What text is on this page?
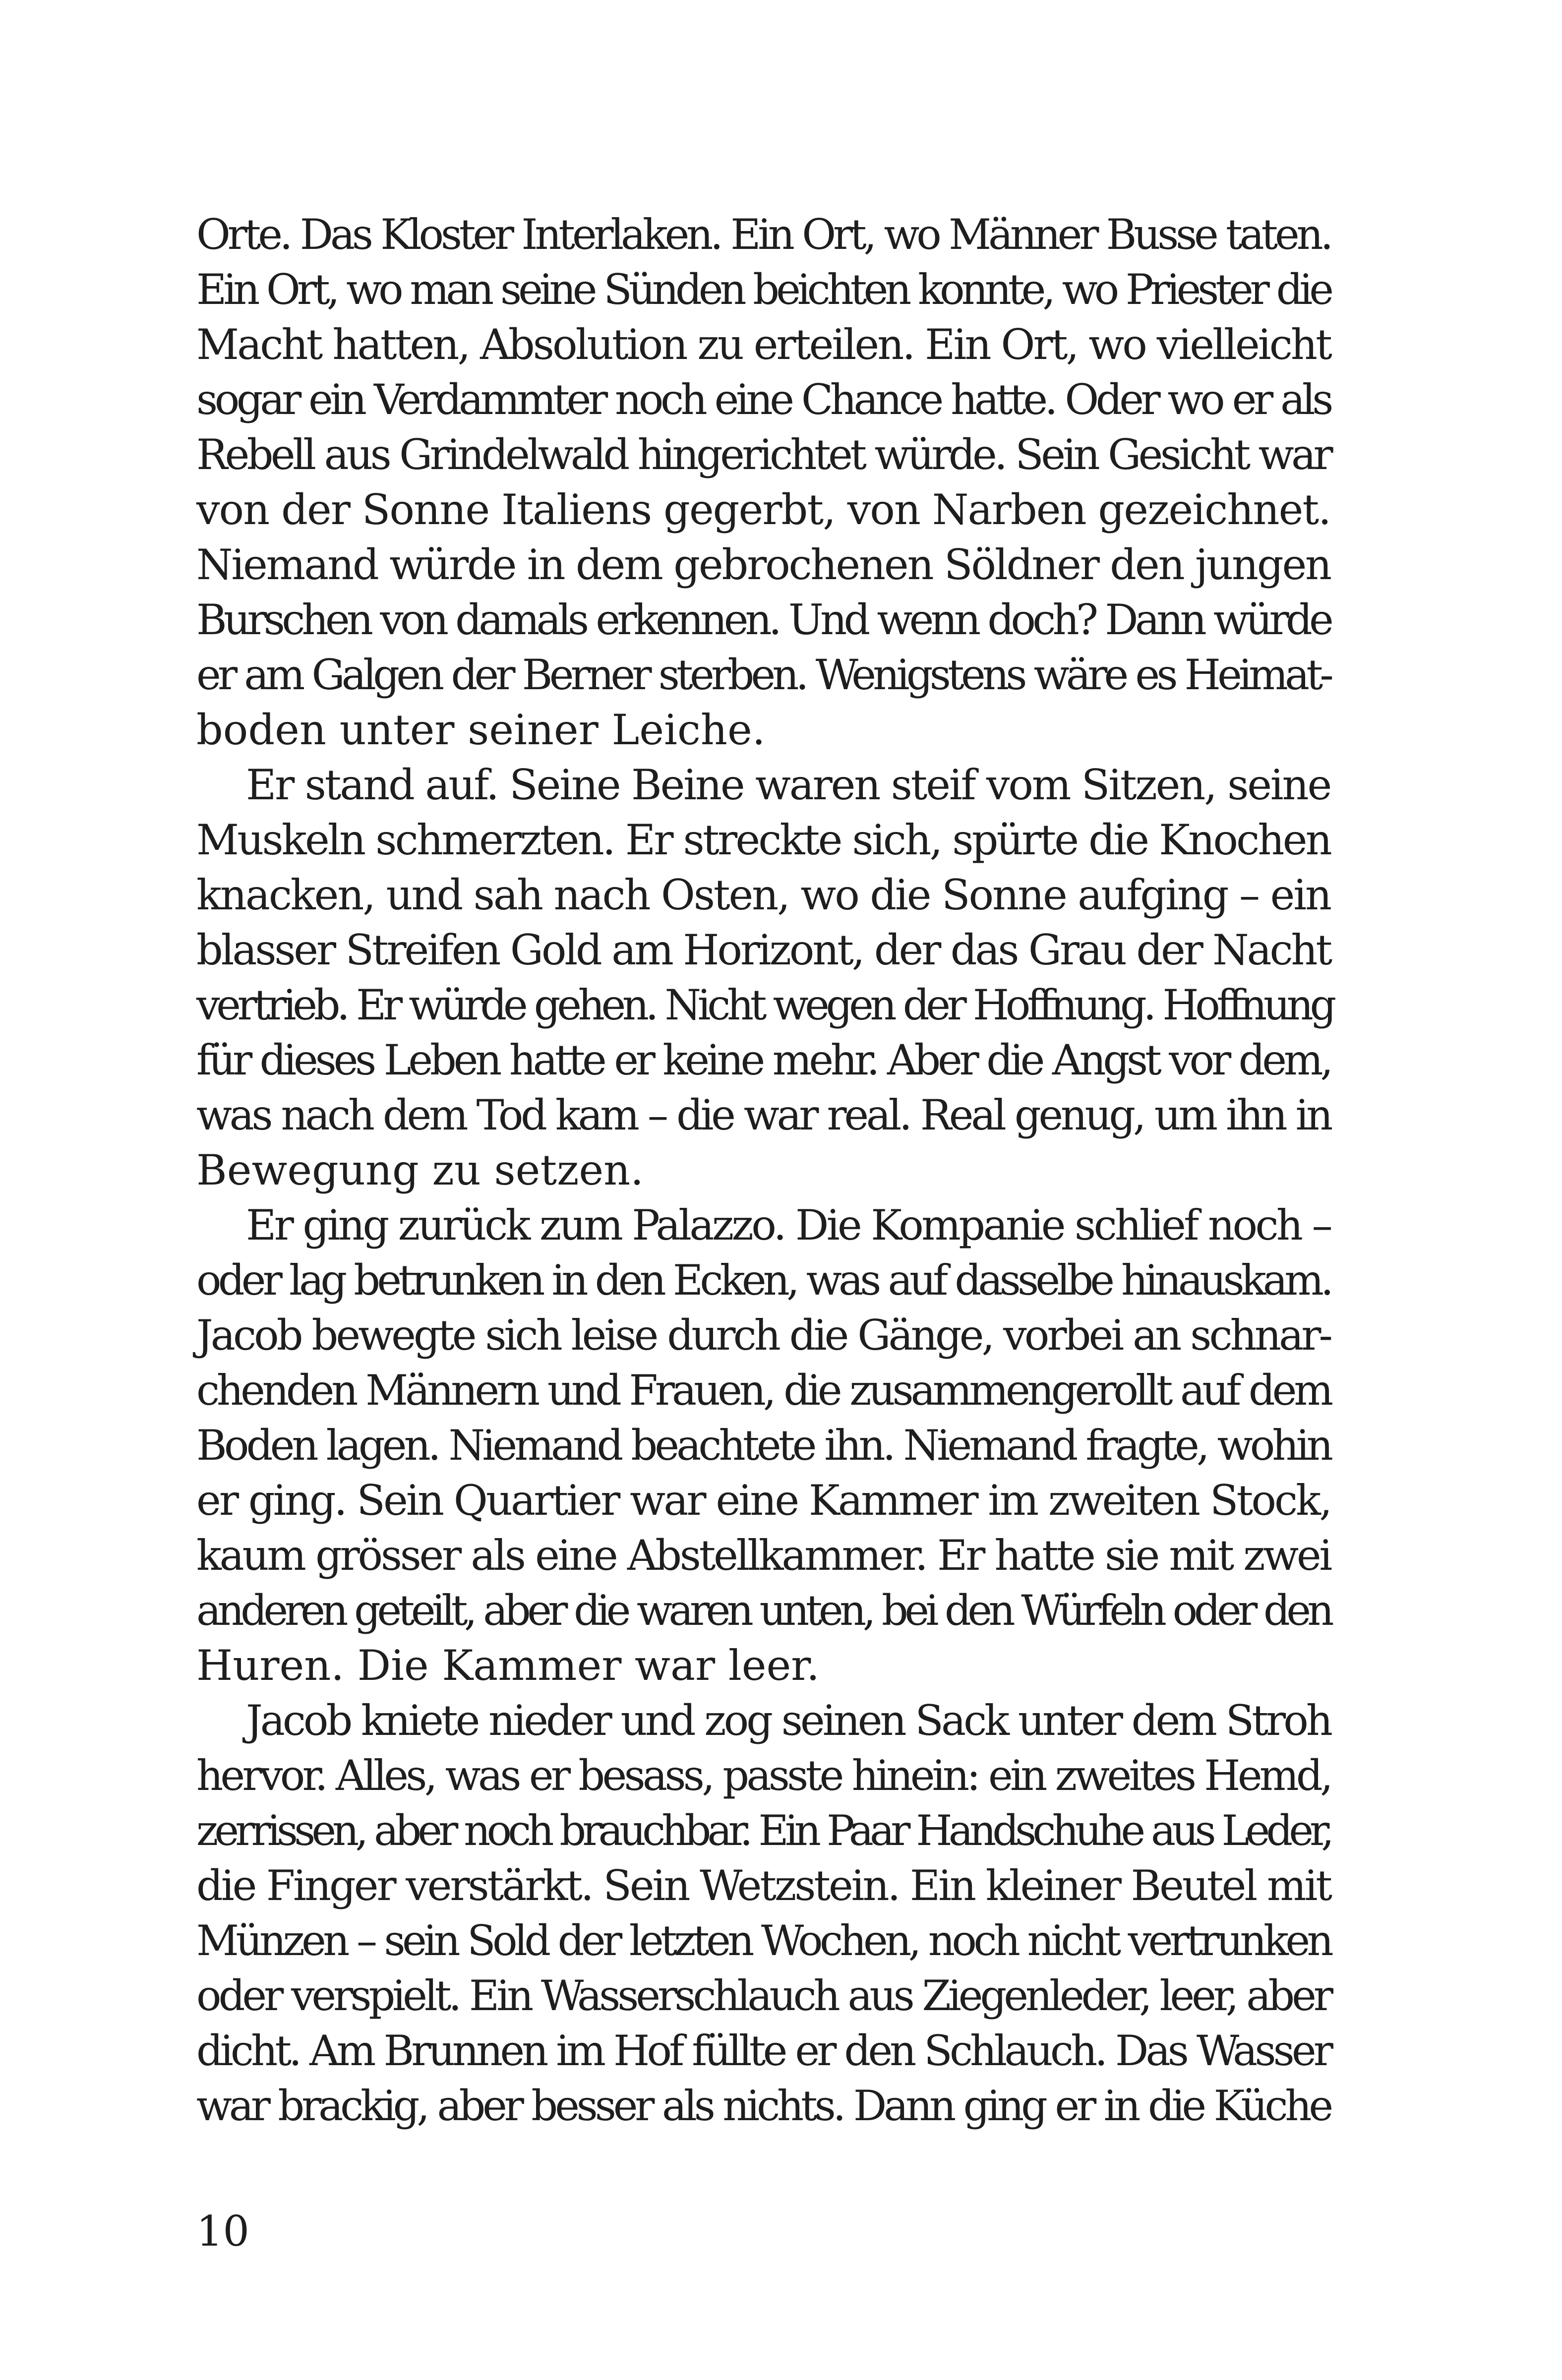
Orte. Das Kloster Interlaken. Ein Ort, wo Männer Busse taten.
Ein Ort, wo man seine Sünden beichten konnte, wo Priester die
Macht hatten, Absolution zu erteilen. Ein Ort, wo vielleicht
sogar ein Verdammter noch eine Chance hatte. Oder wo er als
Rebell aus Grindelwald hingerichtet würde. Sein Gesicht war
von der Sonne Italiens gegerbt, von Narben gezeichnet.
Niemand würde in dem gebrochenen Söldner den jungen
Burschen von damals erkennen. Und wenn doch? Dann würde
er am Galgen der Berner sterben. Wenigstens wäre es Heimat-
boden unter seiner Leiche.
Er stand auf. Seine Beine waren steif vom Sitzen, seine
Muskeln schmerzten. Er streckte sich, spürte die Knochen
knacken, und sah nach Osten, wo die Sonne aufging – ein
blasser Streifen Gold am Horizont, der das Grau der Nacht
vertrieb. Er würde gehen. Nicht wegen der Hoffnung. Hoffnung
für dieses Leben hatte er keine mehr. Aber die Angst vor dem,
was nach dem Tod kam – die war real. Real genug, um ihn in
Bewegung zu setzen.
Er ging zurück zum Palazzo. Die Kompanie schlief noch –
oder lag betrunken in den Ecken, was auf dasselbe hinauskam.
Jacob bewegte sich leise durch die Gänge, vorbei an schnar-
chenden Männern und Frauen, die zusammengerollt auf dem
Boden lagen. Niemand beachtete ihn. Niemand fragte, wohin
er ging. Sein Quartier war eine Kammer im zweiten Stock,
kaum grösser als eine Abstellkammer. Er hatte sie mit zwei
anderen geteilt, aber die waren unten, bei den Würfeln oder den
Huren. Die Kammer war leer.
Jacob kniete nieder und zog seinen Sack unter dem Stroh
hervor. Alles, was er besass, passte hinein: ein zweites Hemd,
zerrissen, aber noch brauchbar. Ein Paar Handschuhe aus Leder,
die Finger verstärkt. Sein Wetzstein. Ein kleiner Beutel mit
Münzen – sein Sold der letzten Wochen, noch nicht vertrunken
oder verspielt. Ein Wasserschlauch aus Ziegenleder, leer, aber
dicht. Am Brunnen im Hof füllte er den Schlauch. Das Wasser
war brackig, aber besser als nichts. Dann ging er in die Küche
10
